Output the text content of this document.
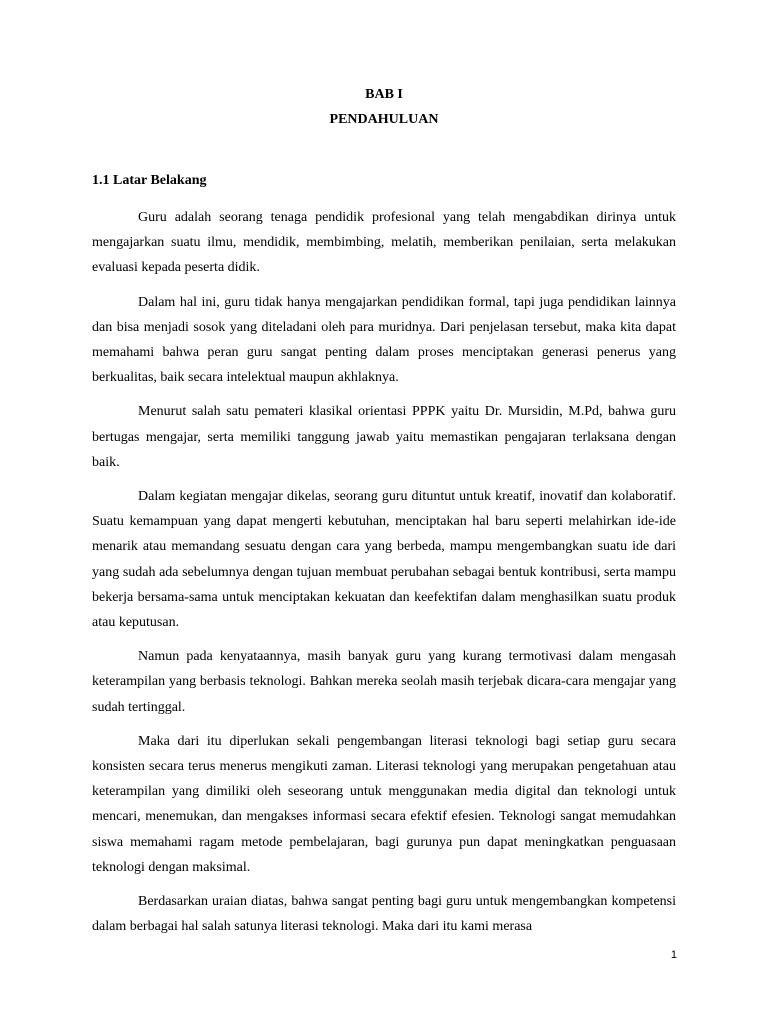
BAB I
PENDAHULUAN
1.1 Latar Belakang

Guru adalah seorang tenaga pendidik profesional yang telah mengabdikan dirinya untuk mengajarkan suatu ilmu, mendidik, membimbing, melatih, memberikan penilaian, serta melakukan evaluasi kepada peserta didik.

Dalam hal ini, guru tidak hanya mengajarkan pendidikan formal, tapi juga pendidikan lainnya dan bisa menjadi sosok yang diteladani oleh para muridnya. Dari penjelasan tersebut, maka kita dapat memahami bahwa peran guru sangat penting dalam proses menciptakan generasi penerus yang berkualitas, baik secara intelektual maupun akhlaknya.

Menurut salah satu pemateri klasikal orientasi PPPK yaitu Dr. Mursidin, M.Pd, bahwa guru bertugas mengajar, serta memiliki tanggung jawab yaitu memastikan pengajaran terlaksana dengan baik.

Dalam kegiatan mengajar dikelas, seorang guru dituntut untuk kreatif, inovatif dan kolaboratif. Suatu kemampuan yang dapat mengerti kebutuhan, menciptakan hal baru seperti melahirkan ide-ide menarik atau memandang sesuatu dengan cara yang berbeda, mampu mengembangkan suatu ide dari yang sudah ada sebelumnya dengan tujuan membuat perubahan sebagai bentuk kontribusi, serta mampu bekerja bersama-sama untuk menciptakan kekuatan dan keefektifan dalam menghasilkan suatu produk atau keputusan.

Namun pada kenyataannya, masih banyak guru yang kurang termotivasi dalam mengasah keterampilan yang berbasis teknologi. Bahkan mereka seolah masih terjebak dicara-cara mengajar yang sudah tertinggal.

Maka dari itu diperlukan sekali pengembangan literasi teknologi bagi setiap guru secara konsisten secara terus menerus mengikuti zaman. Literasi teknologi yang merupakan pengetahuan atau keterampilan yang dimiliki oleh seseorang untuk menggunakan media digital dan teknologi untuk mencari, menemukan, dan mengakses informasi secara efektif efesien. Teknologi sangat memudahkan siswa memahami ragam metode pembelajaran, bagi gurunya pun dapat meningkatkan penguasaan teknologi dengan maksimal.

Berdasarkan uraian diatas, bahwa sangat penting bagi guru untuk mengembangkan kompetensi dalam berbagai hal salah satunya literasi teknologi. Maka dari itu kami merasa

1
